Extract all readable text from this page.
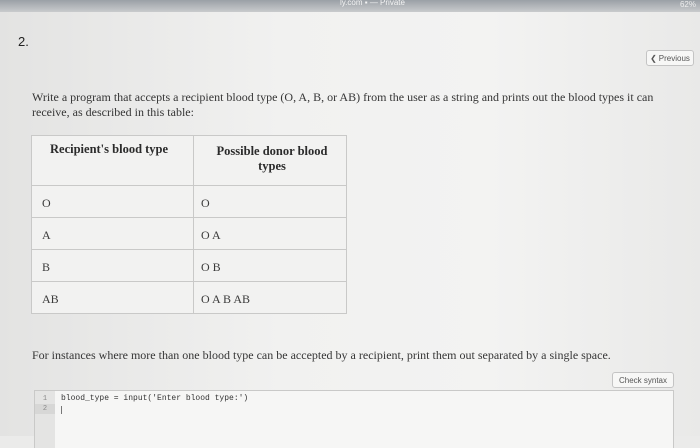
ly.com ▪ — Private	62%
2.
❮ Previous
Write a program that accepts a recipient blood type (O, A, B, or AB) from the user as a string and prints out the blood types it can receive, as described in this table:
Recipient's blood type	Possible donor blood types
O	O
A	O A
B	O B
AB	O A B AB
For instances where more than one blood type can be accepted by a recipient, print them out separated by a single space.
Check syntax
1
2
blood_type = input('Enter blood type:')
